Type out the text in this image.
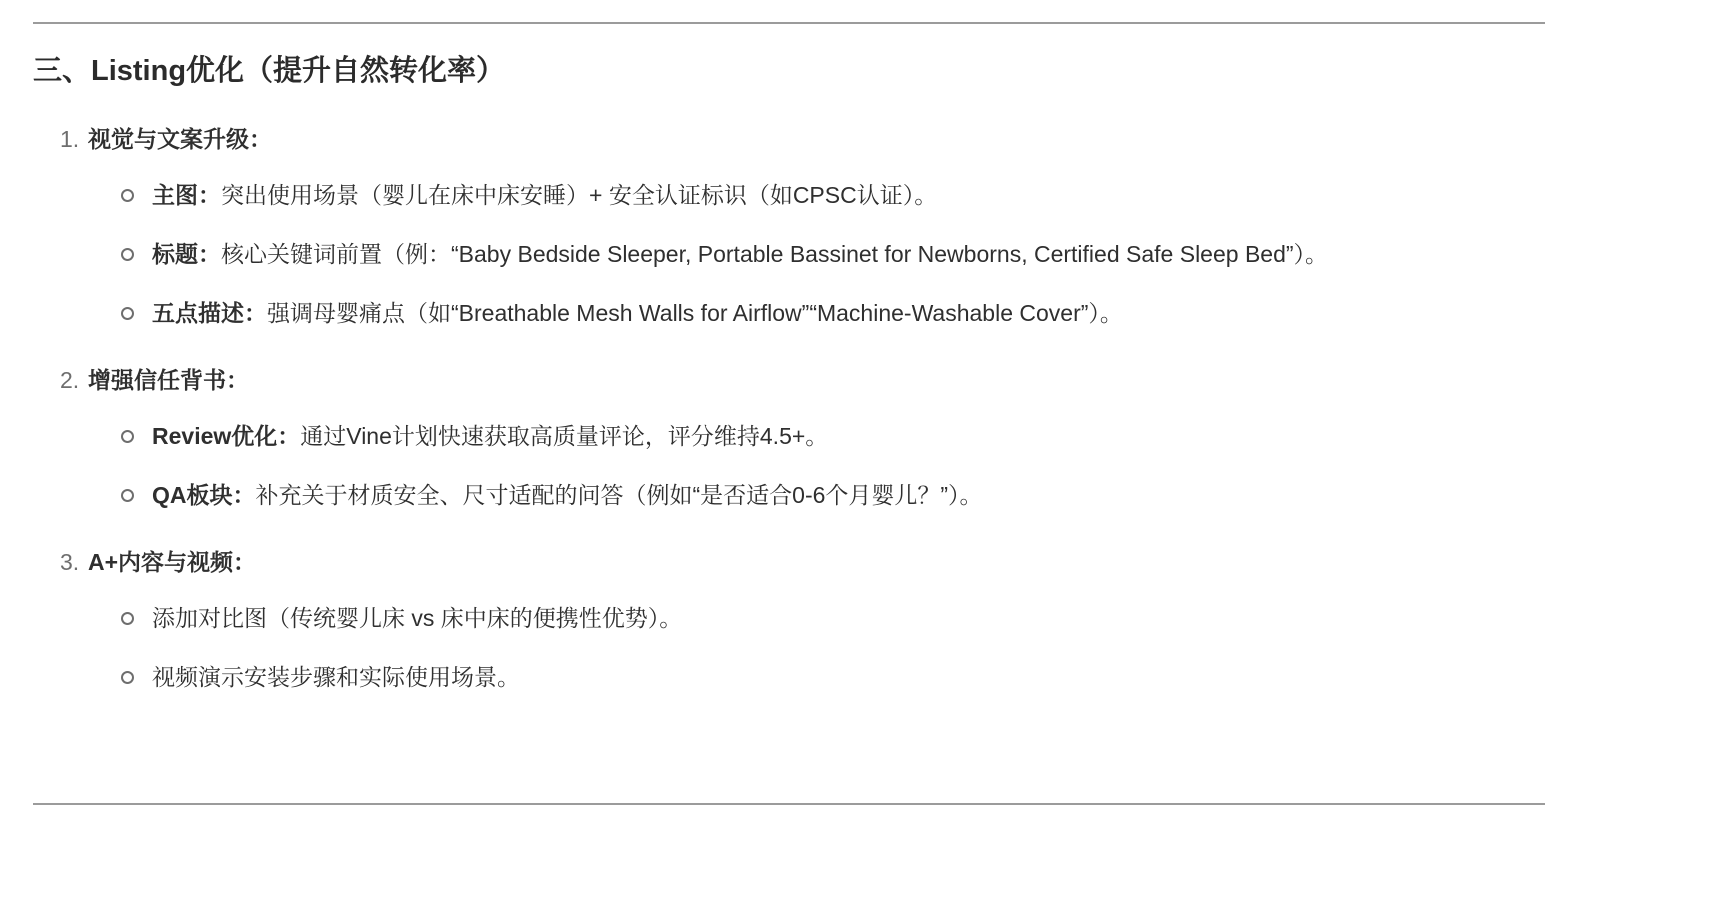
三、Listing优化（提升自然转化率）
1. 视觉与文案升级：
主图：突出使用场景（婴儿在床中床安睡）+ 安全认证标识（如CPSC认证）。
标题：核心关键词前置（例：“Baby Bedside Sleeper, Portable Bassinet for Newborns, Certified Safe Sleep Bed”）。
五点描述：强调母婴痛点（如“Breathable Mesh Walls for Airflow”“Machine-Washable Cover”）。
2. 增强信任背书：
Review优化：通过Vine计划快速获取高质量评论，评分维持4.5+。
QA板块：补充关于材质安全、尺寸适配的问答（例如“是否适合0-6个月婴儿？”）。
3. A+内容与视频：
添加对比图（传统婴儿床 vs 床中床的便携性优势）。
视频演示安装步骤和实际使用场景。
